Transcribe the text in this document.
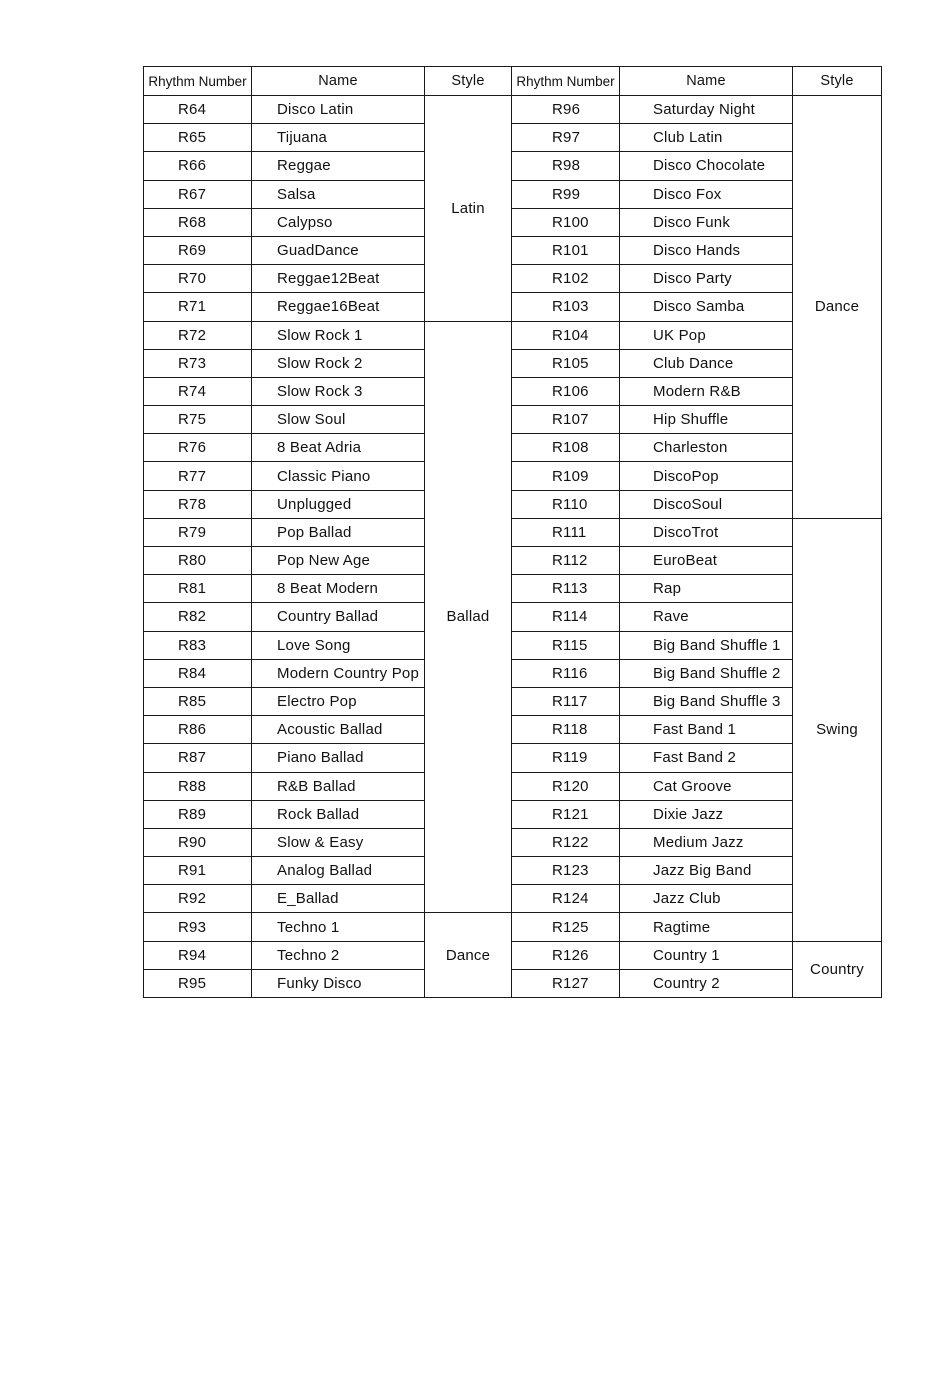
Rhythm Number	Name	Style	Rhythm Number	Name	Style
R64	Disco Latin	Latin	R96	Saturday Night	Dance
R65	Tijuana		R97	Club Latin	
R66	Reggae		R98	Disco Chocolate	
R67	Salsa		R99	Disco Fox	
R68	Calypso		R100	Disco Funk	
R69	GuadDance		R101	Disco Hands	
R70	Reggae12Beat		R102	Disco Party	
R71	Reggae16Beat		R103	Disco Samba	
R72	Slow Rock 1	Ballad	R104	UK Pop	
R73	Slow Rock 2		R105	Club Dance	
R74	Slow Rock 3		R106	Modern R&B	
R75	Slow Soul		R107	Hip Shuffle	
R76	8 Beat Adria		R108	Charleston	
R77	Classic Piano		R109	DiscoPop	
R78	Unplugged		R110	DiscoSoul	
R79	Pop Ballad		R111	DiscoTrot	Swing
R80	Pop New Age		R112	EuroBeat	
R81	8 Beat Modern		R113	Rap	
R82	Country Ballad		R114	Rave	
R83	Love Song		R115	Big Band Shuffle 1	
R84	Modern Country Pop		R116	Big Band Shuffle 2	
R85	Electro Pop		R117	Big Band Shuffle 3	
R86	Acoustic Ballad		R118	Fast Band 1	
R87	Piano Ballad		R119	Fast Band 2	
R88	R&B Ballad		R120	Cat Groove	
R89	Rock Ballad		R121	Dixie Jazz	
R90	Slow & Easy		R122	Medium Jazz	
R91	Analog Ballad		R123	Jazz Big Band	
R92	E_Ballad		R124	Jazz Club	
R93	Techno 1	Dance	R125	Ragtime	
R94	Techno 2		R126	Country 1	Country
R95	Funky Disco		R127	Country 2	
